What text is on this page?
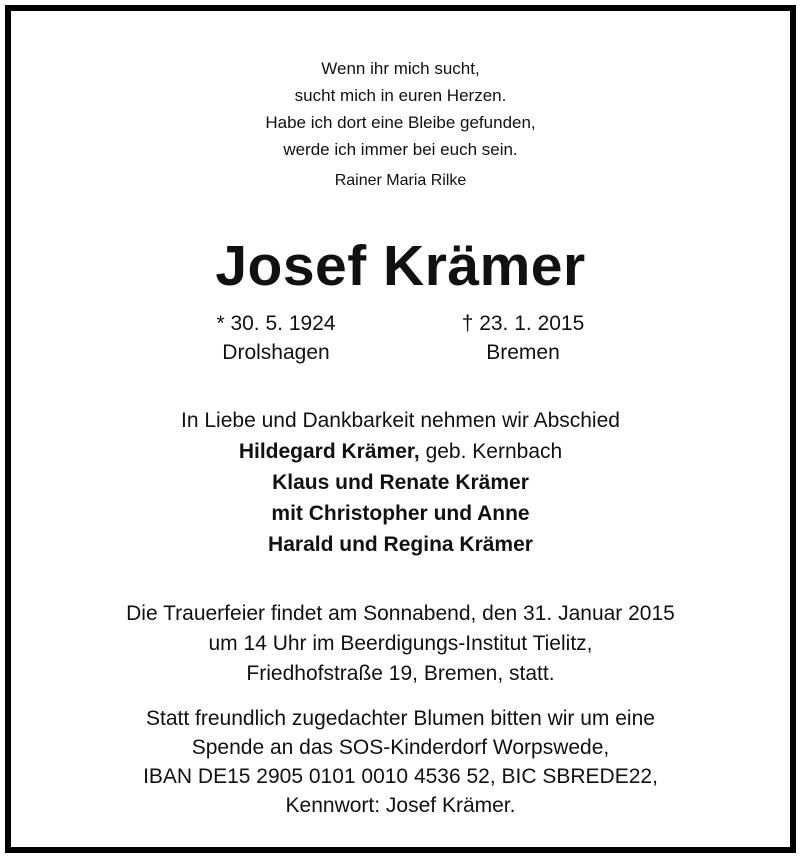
Wenn ihr mich sucht,
sucht mich in euren Herzen.
Habe ich dort eine Bleibe gefunden,
werde ich immer bei euch sein.
Rainer Maria Rilke
Josef Krämer
* 30. 5. 1924
Drolshagen
† 23. 1. 2015
Bremen
In Liebe und Dankbarkeit nehmen wir Abschied
Hildegard Krämer, geb. Kernbach
Klaus und Renate Krämer
mit Christopher und Anne
Harald und Regina Krämer
Die Trauerfeier findet am Sonnabend, den 31. Januar 2015
um 14 Uhr im Beerdigungs-Institut Tielitz,
Friedhofstraße 19, Bremen, statt.
Statt freundlich zugedachter Blumen bitten wir um eine
Spende an das SOS-Kinderdorf Worpswede,
IBAN DE15 2905 0101 0010 4536 52, BIC SBREDE22,
Kennwort: Josef Krämer.
